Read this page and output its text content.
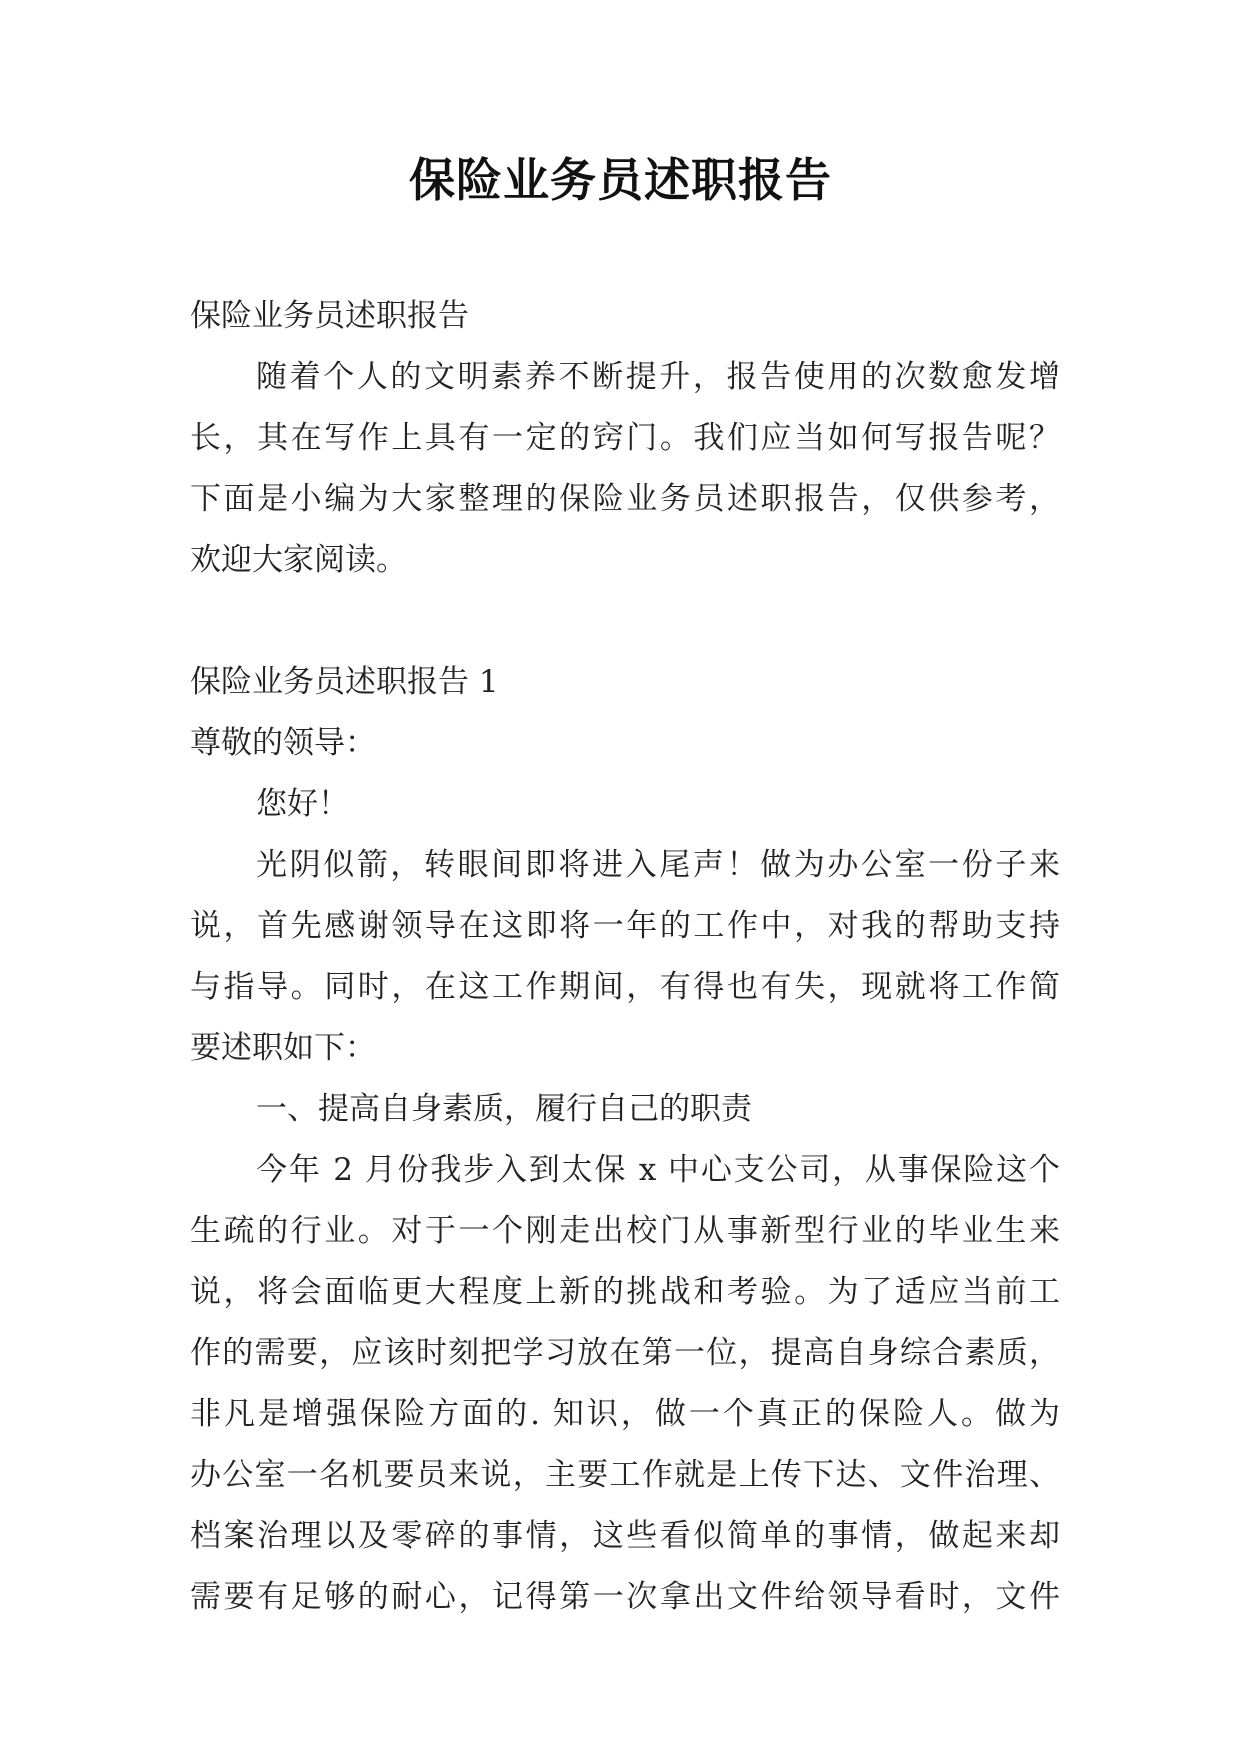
保险业务员述职报告
保险业务员述职报告
随着个人的文明素养不断提升，报告使用的次数愈发增
长，其在写作上具有一定的窍门。我们应当如何写报告呢？
下面是小编为大家整理的保险业务员述职报告，仅供参考，
欢迎大家阅读。
保险业务员述职报告 1
尊敬的领导：
您好！
光阴似箭，转眼间即将进入尾声！做为办公室一份子来
说，首先感谢领导在这即将一年的工作中，对我的帮助支持
与指导。同时，在这工作期间，有得也有失，现就将工作简
要述职如下：
一、提高自身素质，履行自己的职责
今年 2 月份我步入到太保 x 中心支公司，从事保险这个
生疏的行业。对于一个刚走出校门从事新型行业的毕业生来
说，将会面临更大程度上新的挑战和考验。为了适应当前工
作的需要，应该时刻把学习放在第一位，提高自身综合素质，
非凡是增强保险方面的. 知识，做一个真正的保险人。做为
办公室一名机要员来说，主要工作就是上传下达、文件治理、
档案治理以及零碎的事情，这些看似简单的事情，做起来却
需要有足够的耐心，记得第一次拿出文件给领导看时，文件
